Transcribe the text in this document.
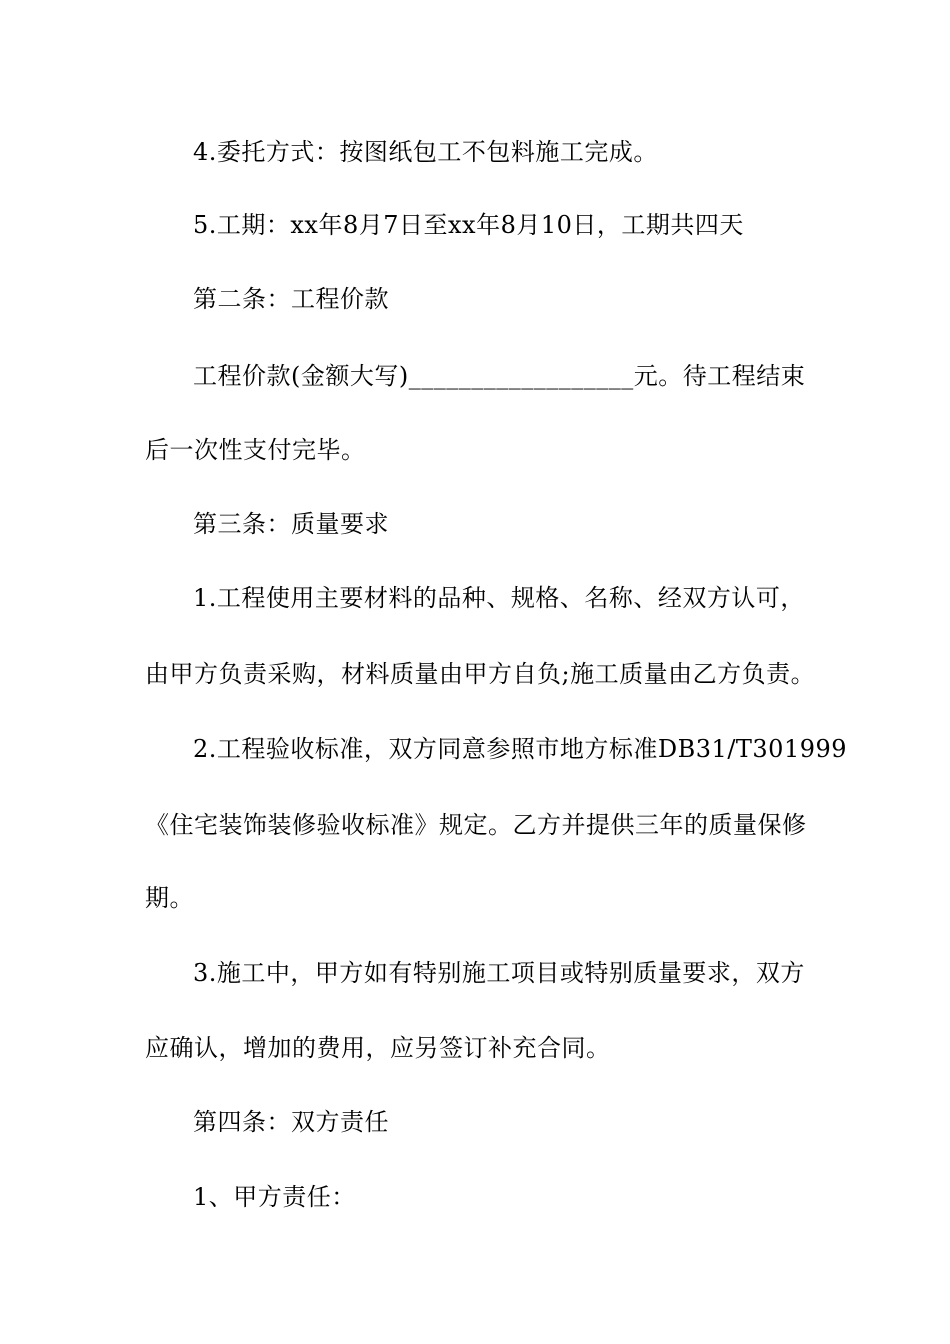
4.委托方式：按图纸包工不包料施工完成。
5.工期：xx年8月7日至xx年8月10日，工期共四天
第二条：工程价款
工程价款(金额大写)__________________元。待工程结束
后一次性支付完毕。
第三条：质量要求
1.工程使用主要材料的品种、规格、名称、经双方认可，
由甲方负责采购，材料质量由甲方自负;施工质量由乙方负责。
2.工程验收标准，双方同意参照市地方标准DB31/T301999
《住宅装饰装修验收标准》规定。乙方并提供三年的质量保修
期。
3.施工中，甲方如有特别施工项目或特别质量要求，双方
应确认，增加的费用，应另签订补充合同。
第四条：双方责任
1、甲方责任：
